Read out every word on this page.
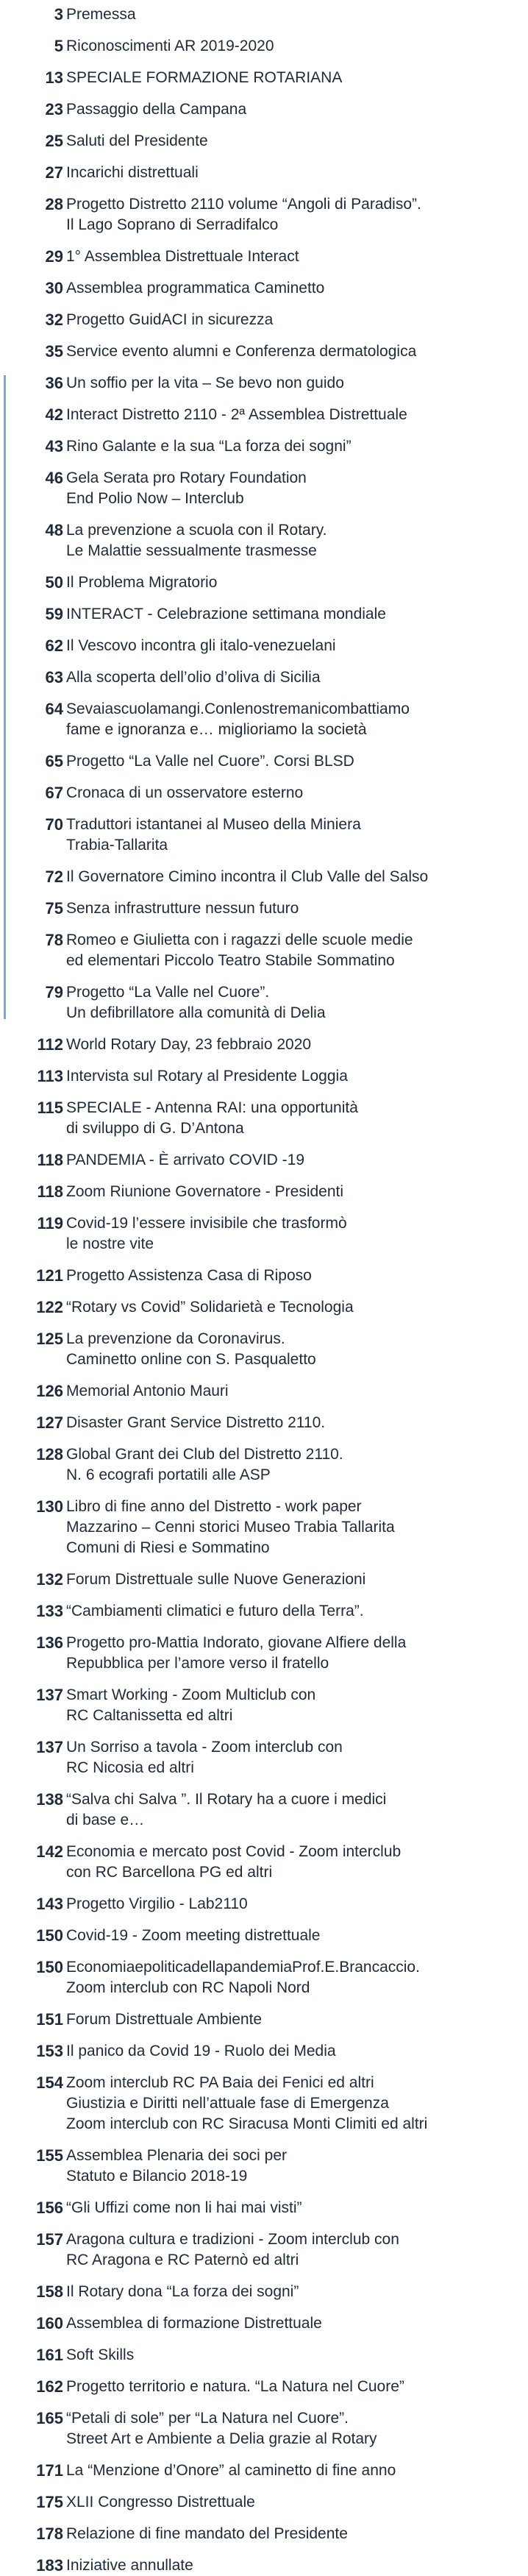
3 Premessa
5 Riconoscimenti AR 2019-2020
13 SPECIALE FORMAZIONE ROTARIANA
23 Passaggio della Campana
25 Saluti del Presidente
27 Incarichi distrettuali
28 Progetto Distretto 2110 volume “Angoli di Paradiso”.
Il Lago Soprano di Serradifalco
29 1° Assemblea Distrettuale Interact
30 Assemblea programmatica Caminetto
32 Progetto GuidACI in sicurezza
35 Service evento alumni e Conferenza dermatologica
36 Un soffio per la vita – Se bevo non guido
42 Interact Distretto 2110 - 2ª Assemblea Distrettuale
43 Rino Galante e la sua “La forza dei sogni”
46 Gela Serata pro Rotary Foundation
End Polio Now – Interclub
48 La prevenzione a scuola con il Rotary.
Le Malattie sessualmente trasmesse
50 Il Problema Migratorio
59 INTERACT - Celebrazione settimana mondiale
62 Il Vescovo incontra gli italo-venezuelani
63 Alla scoperta dell’olio d’oliva di Sicilia
64 Sevaiascuolamangi.Conlenostremanicombattiamo
fame e ignoranza e… miglioriamo la società
65 Progetto “La Valle nel Cuore”. Corsi BLSD
67 Cronaca di un osservatore esterno
70 Traduttori istantanei al Museo della Miniera
Trabia-Tallarita
72 Il Governatore Cimino incontra il Club Valle del Salso
75 Senza infrastrutture nessun futuro
78 Romeo e Giulietta con i ragazzi delle scuole medie
ed elementari Piccolo Teatro Stabile Sommatino
79 Progetto “La Valle nel Cuore”.
Un defibrillatore alla comunità di Delia
112 World Rotary Day, 23 febbraio 2020
113 Intervista sul Rotary al Presidente Loggia
115 SPECIALE - Antenna RAI: una opportunità
di sviluppo di G. D’Antona
118 PANDEMIA - È arrivato COVID -19
118 Zoom Riunione Governatore - Presidenti
119 Covid-19 l’essere invisibile che trasformò
le nostre vite
121 Progetto Assistenza Casa di Riposo
122 “Rotary vs Covid” Solidarietà e Tecnologia
125 La prevenzione da Coronavirus.
Caminetto online con S. Pasqualetto
126 Memorial Antonio Mauri
127 Disaster Grant Service Distretto 2110.
128 Global Grant dei Club del Distretto 2110.
N. 6 ecografi portatili alle ASP
130 Libro di fine anno del Distretto - work paper
Mazzarino – Cenni storici Museo Trabia Tallarita
Comuni di Riesi e Sommatino
132 Forum Distrettuale sulle Nuove Generazioni
133 “Cambiamenti climatici e futuro della Terra”.
136 Progetto pro-Mattia Indorato, giovane Alfiere della
Repubblica per l’amore verso il fratello
137 Smart Working - Zoom Multiclub con
RC Caltanissetta ed altri
137 Un Sorriso a tavola - Zoom interclub con
RC Nicosia ed altri
138 “Salva chi Salva ”. Il Rotary ha a cuore i medici
di base e…
142 Economia e mercato post Covid - Zoom interclub
con RC Barcellona PG ed altri
143 Progetto Virgilio - Lab2110
150 Covid-19 - Zoom meeting distrettuale
150 EconomiaepoliticadellapandemiaProf.E.Brancaccio.
Zoom interclub con RC Napoli Nord
151 Forum Distrettuale Ambiente
153 Il panico da Covid 19 - Ruolo dei Media
154 Zoom interclub RC PA Baia dei Fenici ed altri
Giustizia e Diritti nell’attuale fase di Emergenza
Zoom interclub con RC Siracusa Monti Climiti ed altri
155 Assemblea Plenaria dei soci per
Statuto e Bilancio 2018-19
156 “Gli Uffizi come non li hai mai visti”
157 Aragona cultura e tradizioni - Zoom interclub con
RC Aragona e RC Paternò ed altri
158 Il Rotary dona “La forza dei sogni”
160 Assemblea di formazione Distrettuale
161 Soft Skills
162 Progetto territorio e natura. “La Natura nel Cuore”
165 “Petali di sole” per “La Natura nel Cuore”.
Street Art e Ambiente a Delia grazie al Rotary
171 La “Menzione d’Onore” al caminetto di fine anno
175 XLII Congresso Distrettuale
178 Relazione di fine mandato del Presidente
183 Iniziative annullate
